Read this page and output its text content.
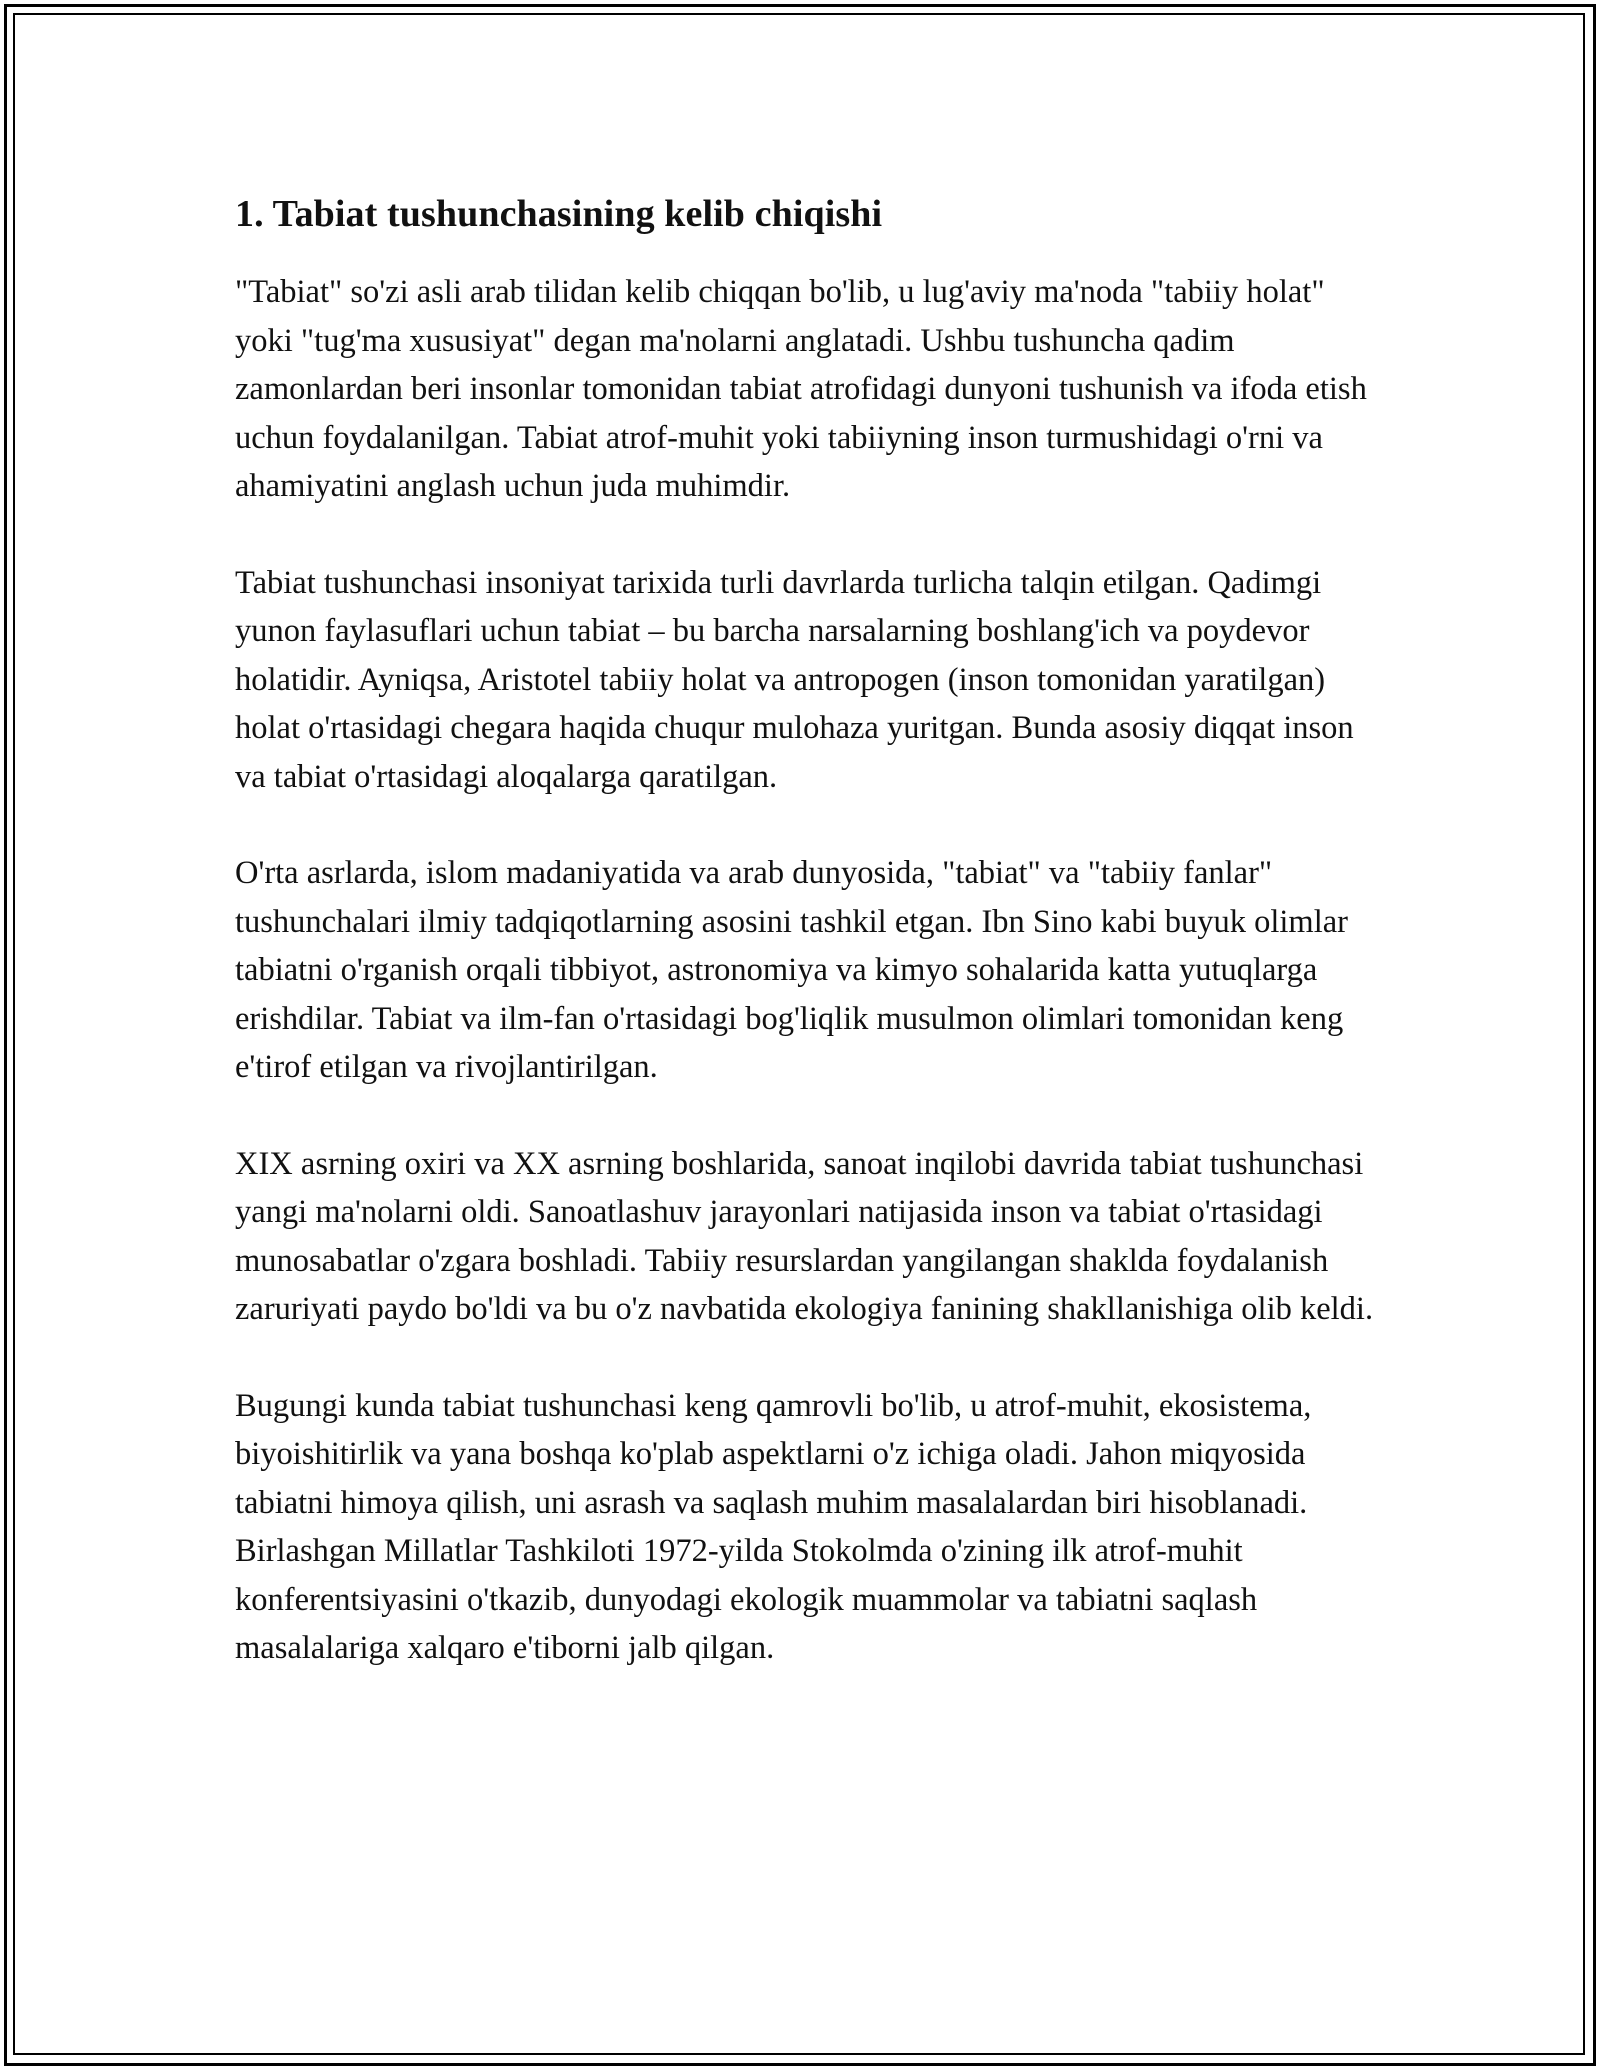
1. Tabiat tushunchasining kelib chiqishi

"Tabiat" so'zi asli arab tilidan kelib chiqqan bo'lib, u lug'aviy ma'noda "tabiiy holat" yoki "tug'ma xususiyat" degan ma'nolarni anglatadi. Ushbu tushuncha qadim zamonlardan beri insonlar tomonidan tabiat atrofidagi dunyoni tushunish va ifoda etish uchun foydalanilgan. Tabiat atrof-muhit yoki tabiiyning inson turmushidagi o'rni va ahamiyatini anglash uchun juda muhimdir.

Tabiat tushunchasi insoniyat tarixida turli davrlarda turlicha talqin etilgan. Qadimgi yunon faylasuflari uchun tabiat – bu barcha narsalarning boshlang'ich va poydevor holatidir. Ayniqsa, Aristotel tabiiy holat va antropogen (inson tomonidan yaratilgan) holat o'rtasidagi chegara haqida chuqur mulohaza yuritgan. Bunda asosiy diqqat inson va tabiat o'rtasidagi aloqalarga qaratilgan.

O'rta asrlarda, islom madaniyatida va arab dunyosida, "tabiat" va "tabiiy fanlar" tushunchalari ilmiy tadqiqotlarning asosini tashkil etgan. Ibn Sino kabi buyuk olimlar tabiatni o'rganish orqali tibbiyot, astronomiya va kimyo sohalarida katta yutuqlarga erishdilar. Tabiat va ilm-fan o'rtasidagi bog'liqlik musulmon olimlari tomonidan keng e'tirof etilgan va rivojlantirilgan.

XIX asrning oxiri va XX asrning boshlarida, sanoat inqilobi davrida tabiat tushunchasi yangi ma'nolarni oldi. Sanoatlashuv jarayonlari natijasida inson va tabiat o'rtasidagi munosabatlar o'zgara boshladi. Tabiiy resurslardan yangilangan shaklda foydalanish zaruriyati paydo bo'ldi va bu o'z navbatida ekologiya fanining shakllanishiga olib keldi.

Bugungi kunda tabiat tushunchasi keng qamrovli bo'lib, u atrof-muhit, ekosistema, biyoishitirlik va yana boshqa ko'plab aspektlarni o'z ichiga oladi. Jahon miqyosida tabiatni himoya qilish, uni asrash va saqlash muhim masalalardan biri hisoblanadi. Birlashgan Millatlar Tashkiloti 1972-yilda Stokolmda o'zining ilk atrof-muhit konferentsiyasini o'tkazib, dunyodagi ekologik muammolar va tabiatni saqlash masalalariga xalqaro e'tiborni jalb qilgan.
